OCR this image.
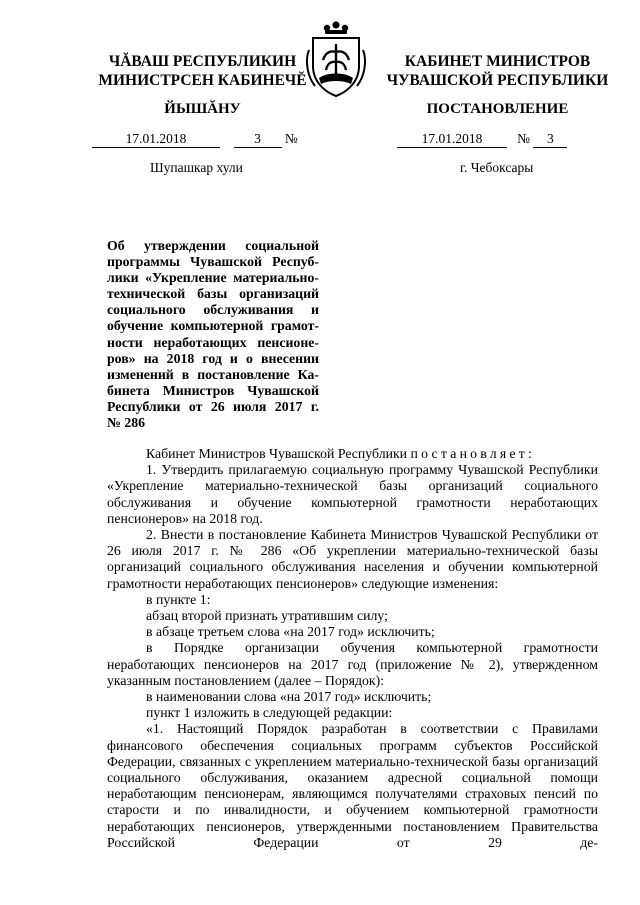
ЧĂВАШ РЕСПУБЛИКИН
МИНИСТРСЕН КАБИНЕЧĔ
ЙЫШĂНУ
КАБИНЕТ МИНИСТРОВ
ЧУВАШСКОЙ РЕСПУБЛИКИ
ПОСТАНОВЛЕНИЕ
17.01.2018	3 №	17.01.2018	№ 3
Шупашкар хули	г. Чебоксары
Об утверждении социальной
программы Чувашской Респуб-
лики «Укрепление материально-
технической базы организаций
социального обслуживания и
обучение компьютерной грамот-
ности неработающих пенсионе-
ров» на 2018 год и о внесении
изменений в постановление Ка-
бинета Министров Чувашской
Республики от 26 июля 2017 г.
№ 286

Кабинет Министров Чувашской Республики постановляет:

1. Утвердить прилагаемую социальную программу Чувашской Республики «Укрепление материально-технической базы организаций социального обслуживания и обучение компьютерной грамотности неработающих пенсионеров» на 2018 год.

2. Внести в постановление Кабинета Министров Чувашской Республики от 26 июля 2017 г. № 286 «Об укреплении материально-технической базы организаций социального обслуживания населения и обучении компьютерной грамотности неработающих пенсионеров» следующие изменения:

в пункте 1:

абзац второй признать утратившим силу;

в абзаце третьем слова «на 2017 год» исключить;

в Порядке организации обучения компьютерной грамотности неработающих пенсионеров на 2017 год (приложение № 2), утвержденном указанным постановлением (далее – Порядок):

в наименовании слова «на 2017 год» исключить;

пункт 1 изложить в следующей редакции:

«1. Настоящий Порядок разработан в соответствии с Правилами финансового обеспечения социальных программ субъектов Российской Федерации, связанных с укреплением материально-технической базы организаций социального обслуживания, оказанием адресной социальной помощи неработающим пенсионерам, являющимся получателями страховых пенсий по старости и по инвалидности, и обучением компьютерной грамотности неработающих пенсионеров, утвержденными постановлением Правительства Российской Федерации от 29 де-
